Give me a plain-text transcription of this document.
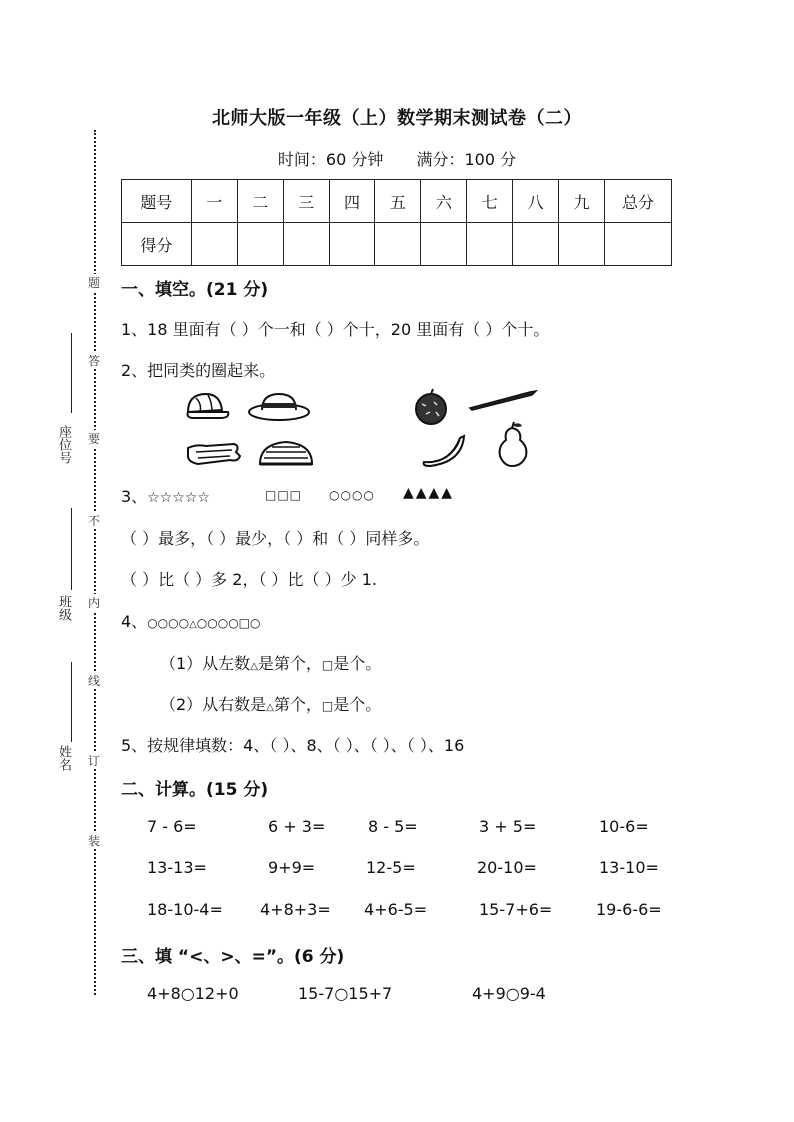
北师大版一年级（上）数学期末测试卷（二）
时间：60 分钟 满分：100 分
座位号
班级
姓名
题
答
要
不
内
线
订
装
题号	一	二	三	四	五	六	七	八	九	总分
得分										
一、填空。(21 分)
1、18 里面有（ ）个一和（ ）个十，20 里面有（ ）个十。
2、把同类的圈起来。
3、☆☆☆☆☆	□□□ ○○○○ ▲▲▲▲
（ ）最多，（ ）最少，（ ）和（ ）同样多。
（ ）比（ ）多 2，（ ）比（ ）少 1.
4、○○○○△○○○○□○
（1）从左数△是第个，□是个。
（2）从右数是△第个，□是个。
5、按规律填数：4、（ ）、8、（ ）、（ ）、（ ）、16
二、计算。(15 分)
7 - 6=	6 + 3=	8 - 5=	3 + 5=	10-6=
13-13=	9+9=	12-5=	20-10=	13-10=
18-10-4= 4+8+3= 4+6-5=	15-7+6=	19-6-6=
三、填 “<、>、=”。(6 分)
4+8○12+0	15-7○15+7	4+9○9-4
